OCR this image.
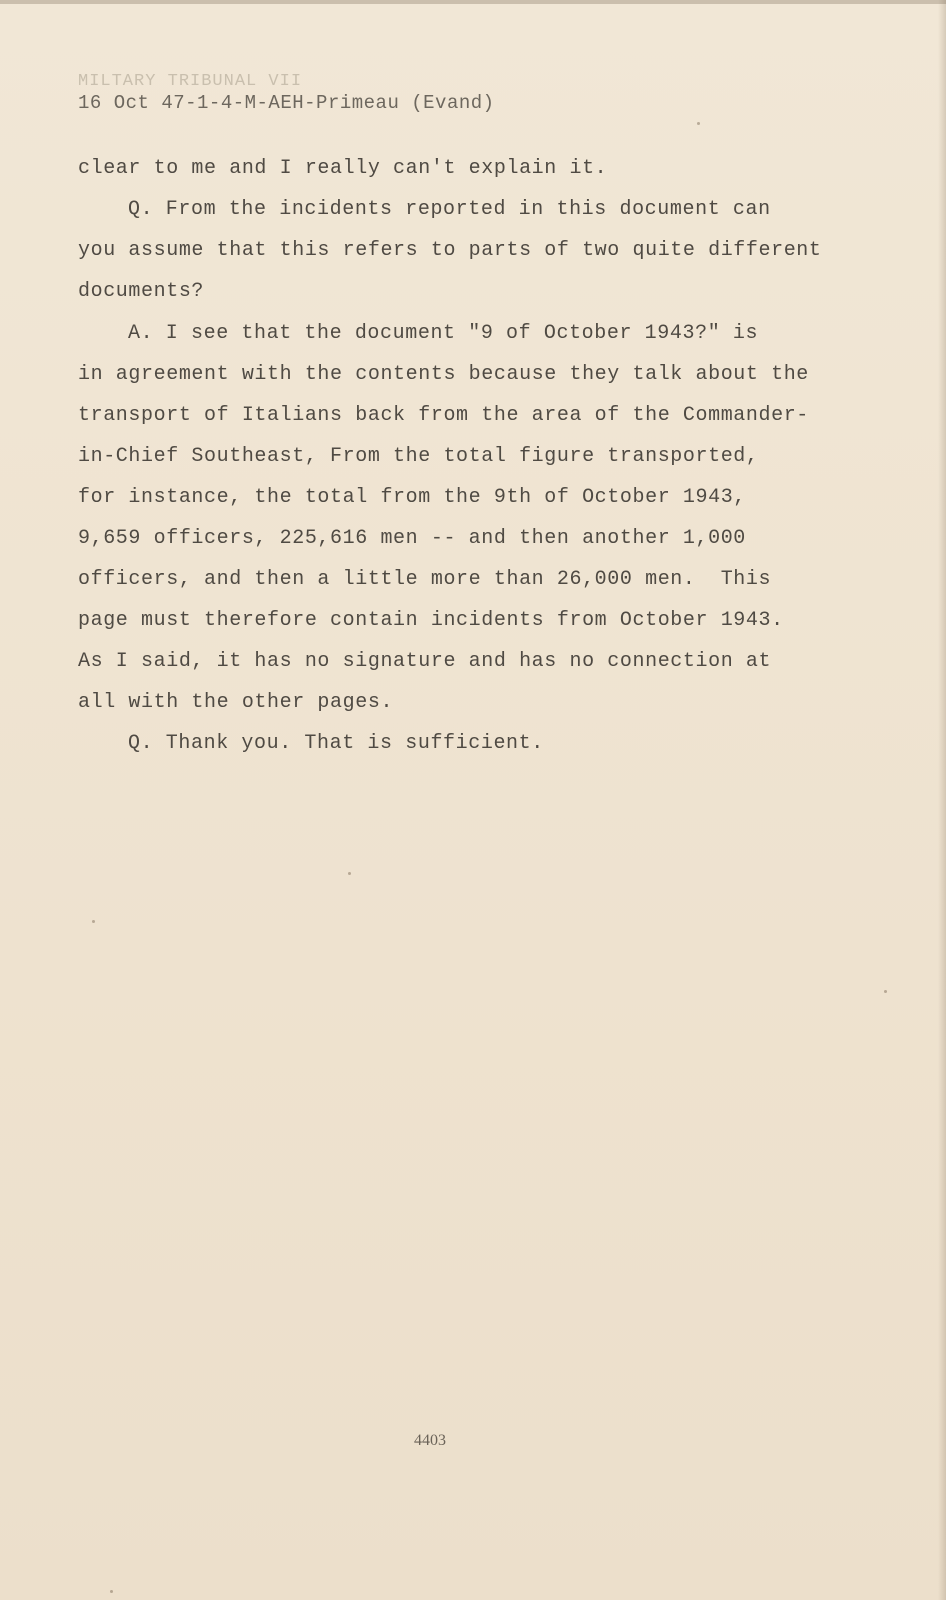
MILTARY TRIBUNAL VII
16 Oct 47-1-4-M-AEH-Primeau (Evand)
clear to me and I really can't explain it.
Q. From the incidents reported in this document can
you assume that this refers to parts of two quite different
documents?
A. I see that the document "9 of October 1943?" is
in agreement with the contents because they talk about the
transport of Italians back from the area of the Commander-
in-Chief Southeast, From the total figure transported,
for instance, the total from the 9th of October 1943,
9,659 officers, 225,616 men -- and then another 1,000
officers, and then a little more than 26,000 men.  This
page must therefore contain incidents from October 1943.
As I said, it has no signature and has no connection at
all with the other pages.
Q. Thank you. That is sufficient.
4403
